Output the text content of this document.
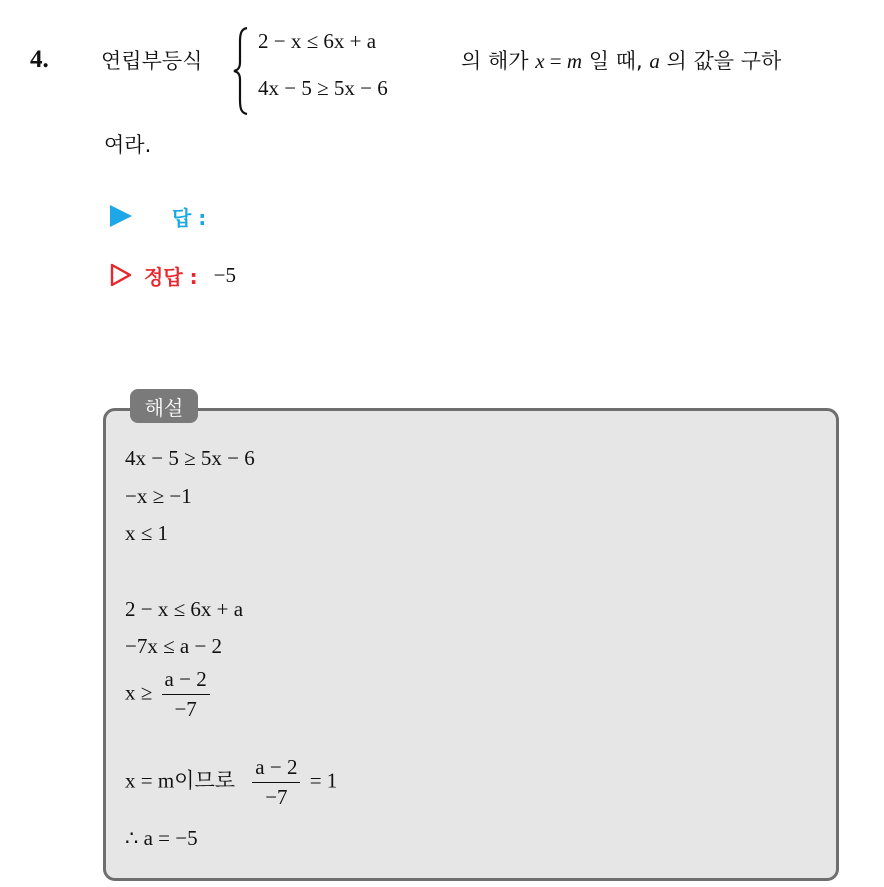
4. 연립부등식
2 − x ≤ 6x + a
4x − 5 ≥ 5x − 6
의 해가 x = m 일 때, a 의 값을 구하
여라.
답 :
정답 : −5
해설
4x − 5 ≥ 5x − 6
−x ≥ −1
x ≤ 1
2 − x ≤ 6x + a
−7x ≤ a − 2
$x \ge \frac{a - 2}{-7}$
x = m이므로 $\frac{a - 2}{-7} = 1$
∴ a = −5
